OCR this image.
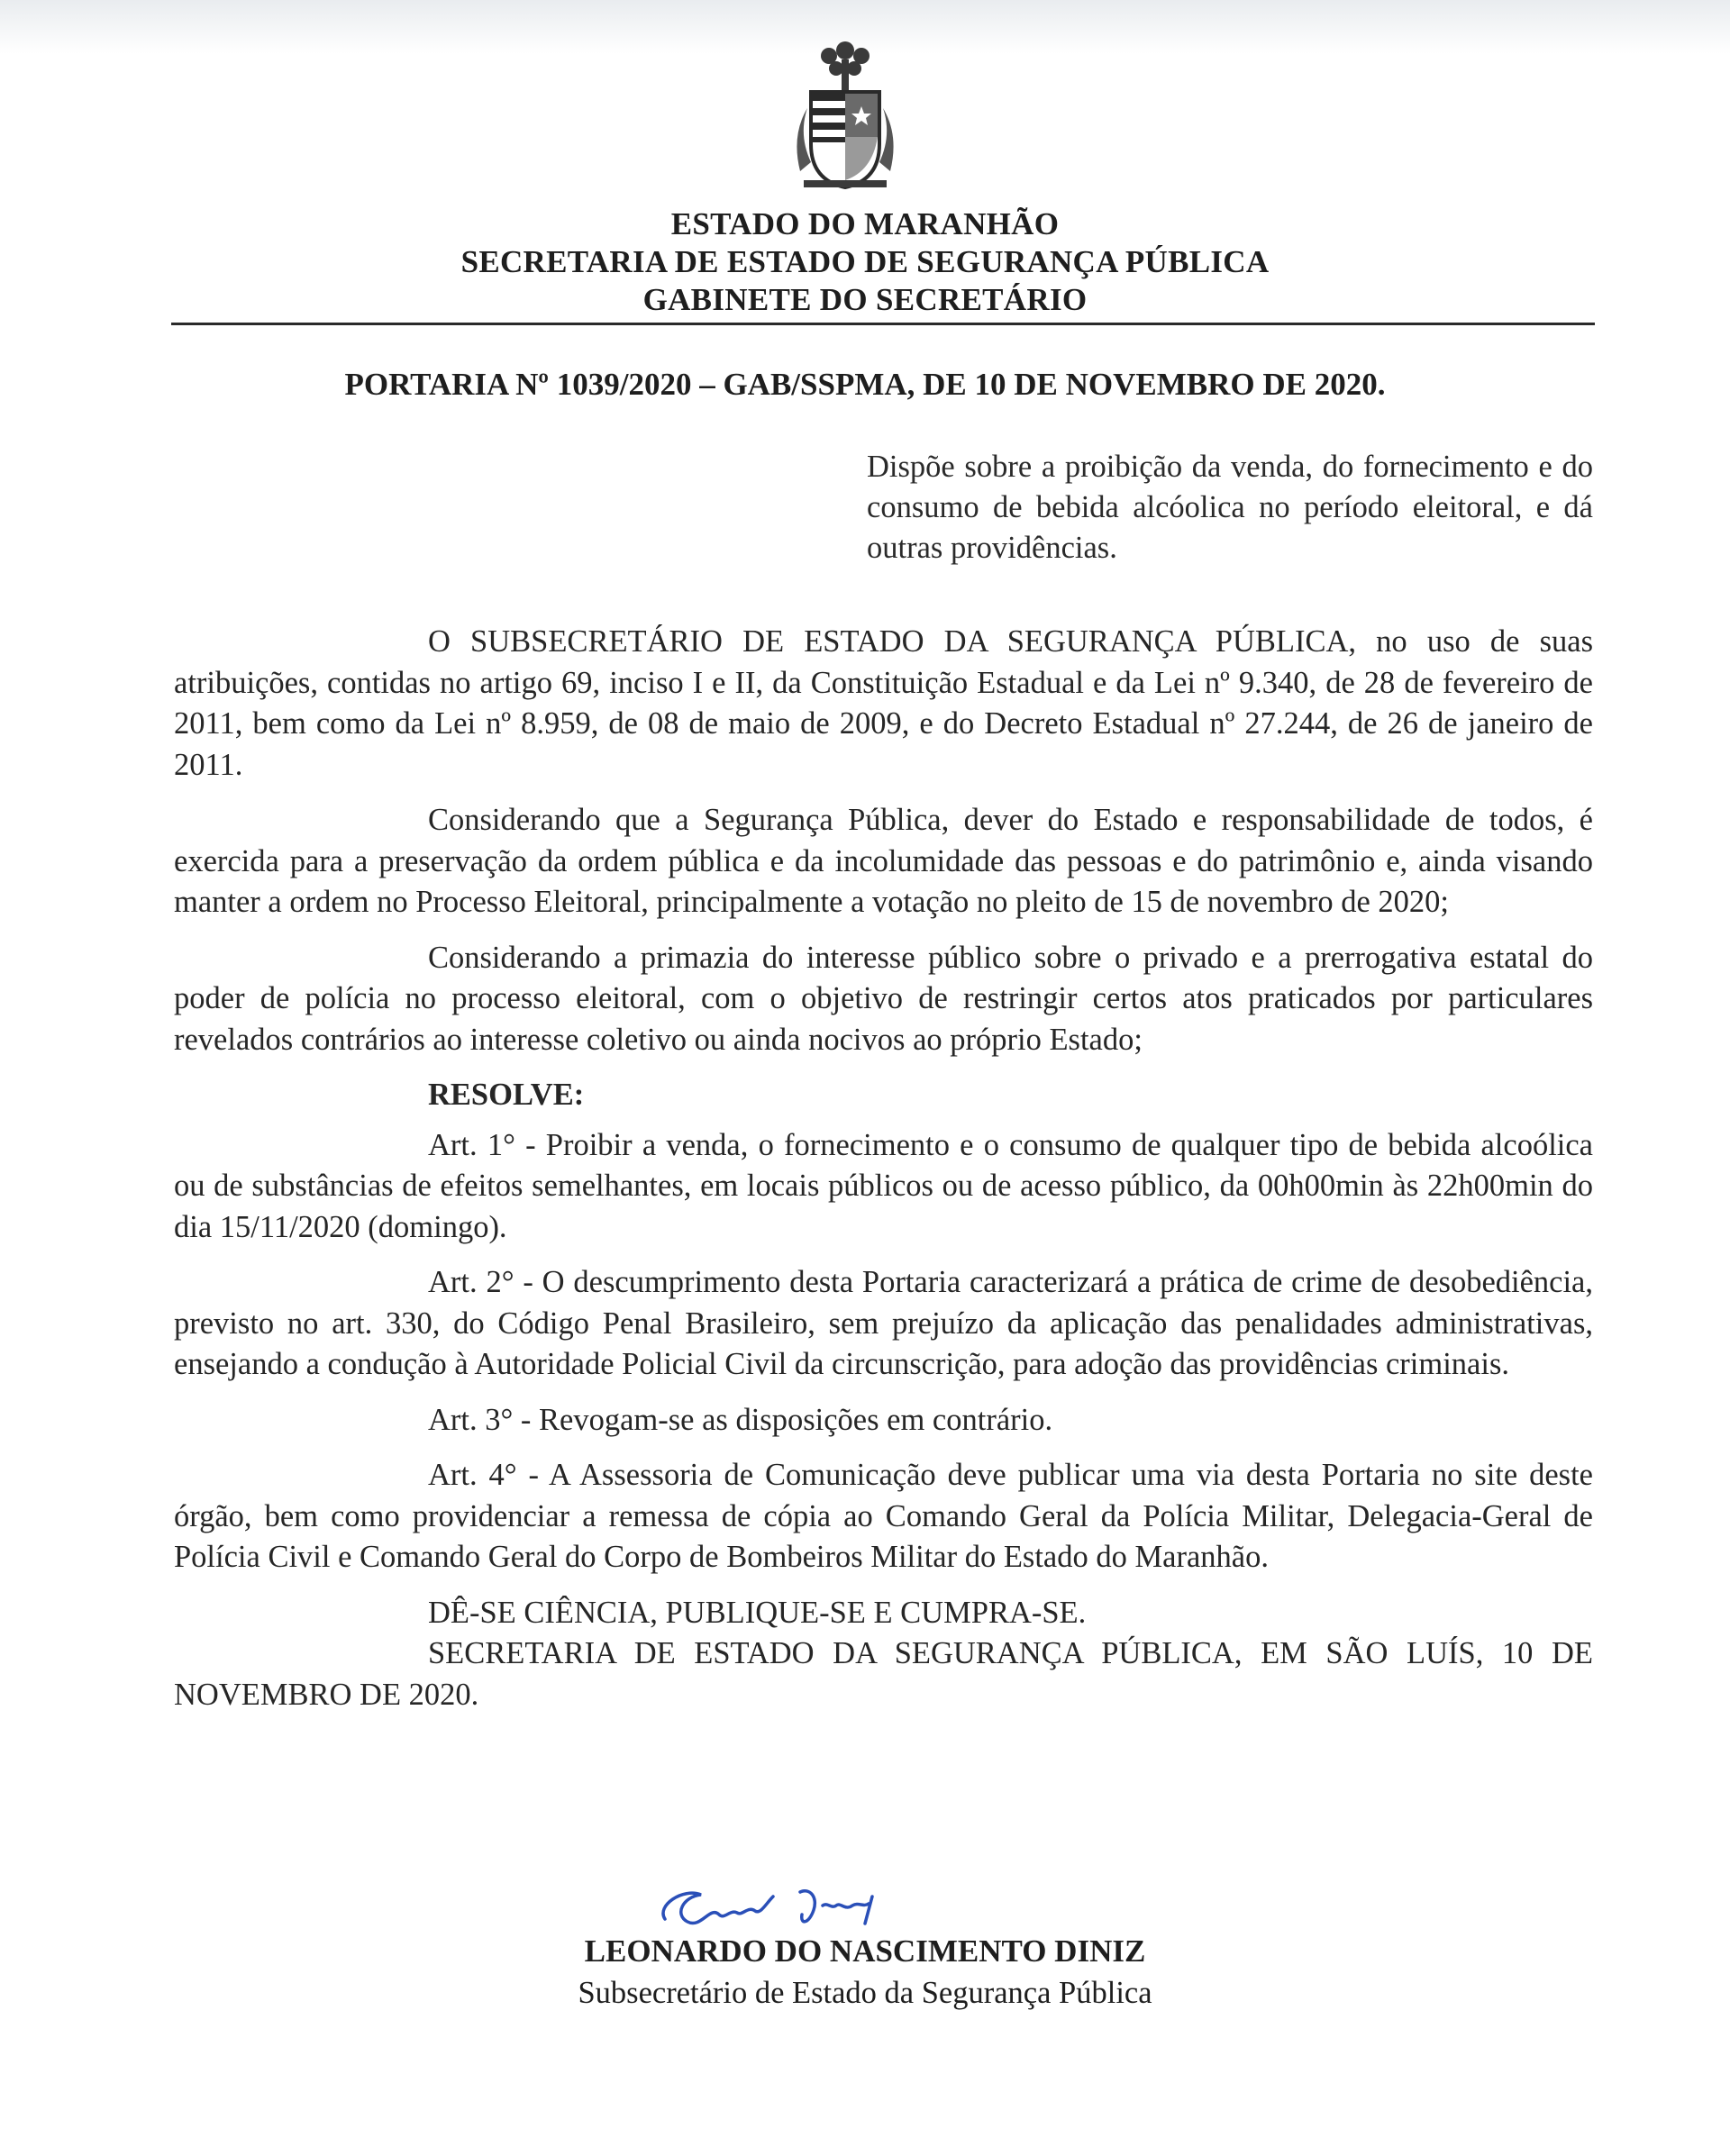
ESTADO DO MARANHÃO
SECRETARIA DE ESTADO DE SEGURANÇA PÚBLICA
GABINETE DO SECRETÁRIO
PORTARIA Nº 1039/2020 – GAB/SSPMA, DE 10 DE NOVEMBRO DE 2020.
Dispõe sobre a proibição da venda, do fornecimento e do consumo de bebida alcóolica no período eleitoral, e dá outras providências.

O SUBSECRETÁRIO DE ESTADO DA SEGURANÇA PÚBLICA, no uso de suas atribuições, contidas no artigo 69, inciso I e II, da Constituição Estadual e da Lei nº 9.340, de 28 de fevereiro de 2011, bem como da Lei nº 8.959, de 08 de maio de 2009, e do Decreto Estadual nº 27.244, de 26 de janeiro de 2011.

Considerando que a Segurança Pública, dever do Estado e responsabilidade de todos, é exercida para a preservação da ordem pública e da incolumidade das pessoas e do patrimônio e, ainda visando manter a ordem no Processo Eleitoral, principalmente a votação no pleito de 15 de novembro de 2020;

Considerando a primazia do interesse público sobre o privado e a prerrogativa estatal do poder de polícia no processo eleitoral, com o objetivo de restringir certos atos praticados por particulares revelados contrários ao interesse coletivo ou ainda nocivos ao próprio Estado;

RESOLVE:

Art. 1° - Proibir a venda, o fornecimento e o consumo de qualquer tipo de bebida alcoólica ou de substâncias de efeitos semelhantes, em locais públicos ou de acesso público, da 00h00min às 22h00min do dia 15/11/2020 (domingo).

Art. 2° - O descumprimento desta Portaria caracterizará a prática de crime de desobediência, previsto no art. 330, do Código Penal Brasileiro, sem prejuízo da aplicação das penalidades administrativas, ensejando a condução à Autoridade Policial Civil da circunscrição, para adoção das providências criminais.

Art. 3° - Revogam-se as disposições em contrário.

Art. 4° - A Assessoria de Comunicação deve publicar uma via desta Portaria no site deste órgão, bem como providenciar a remessa de cópia ao Comando Geral da Polícia Militar, Delegacia-Geral de Polícia Civil e Comando Geral do Corpo de Bombeiros Militar do Estado do Maranhão.

DÊ-SE CIÊNCIA, PUBLIQUE-SE E CUMPRA-SE.

SECRETARIA DE ESTADO DA SEGURANÇA PÚBLICA, EM SÃO LUÍS, 10 DE NOVEMBRO DE 2020.

LEONARDO DO NASCIMENTO DINIZ
Subsecretário de Estado da Segurança Pública
